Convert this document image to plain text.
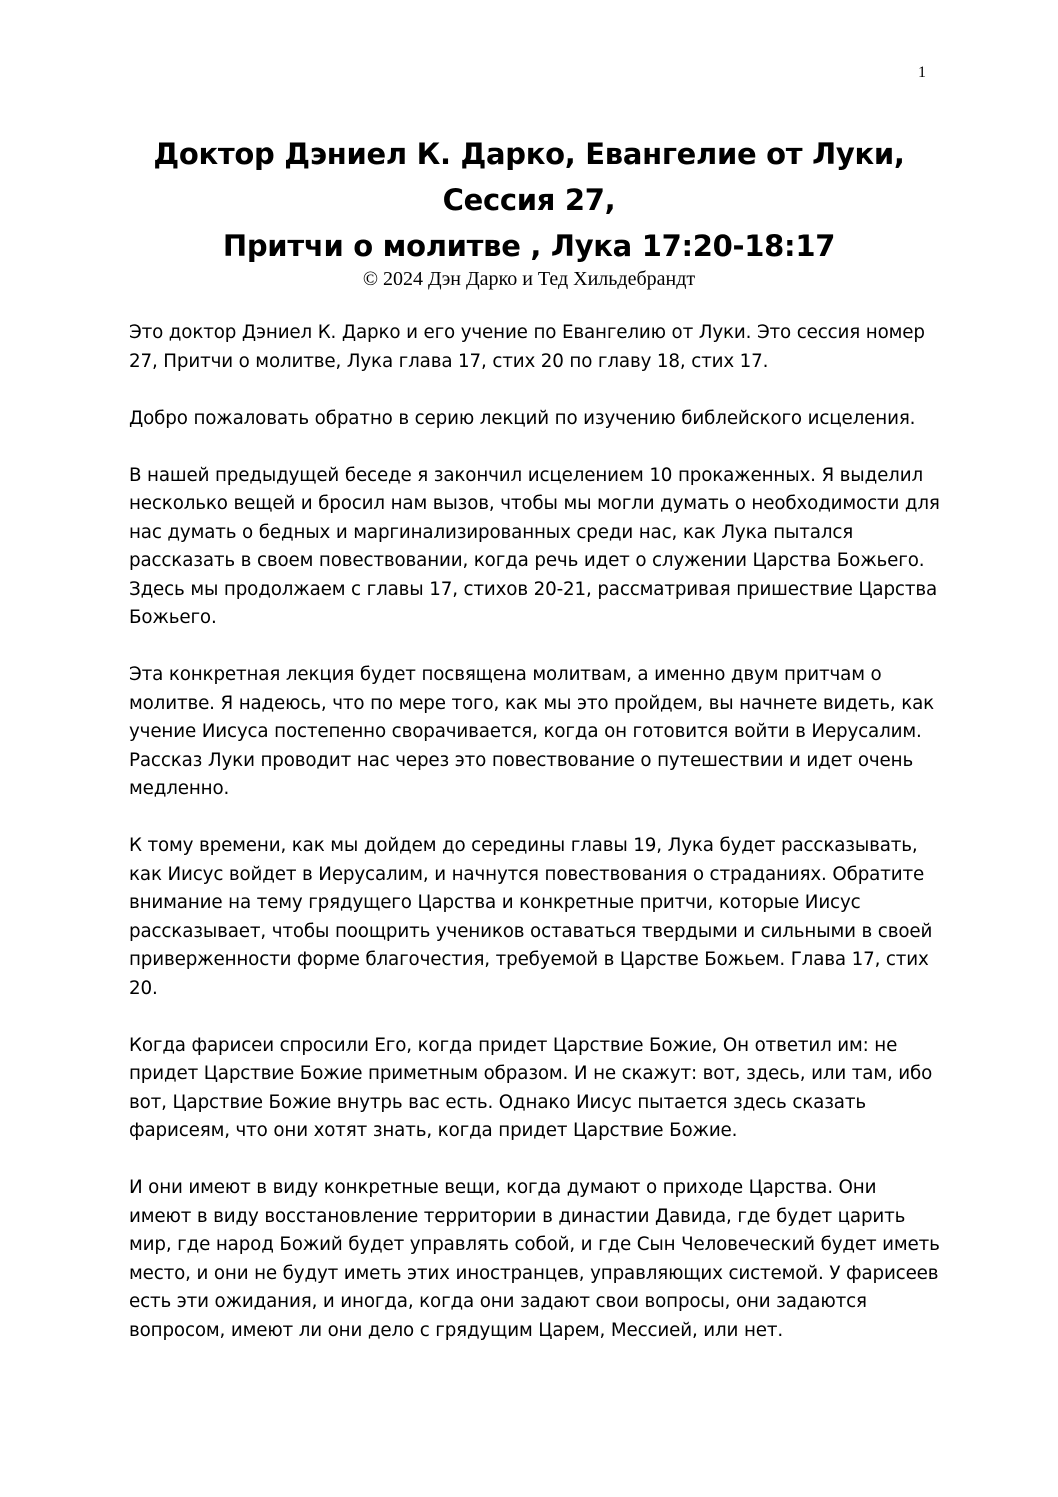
1
Доктор Дэниел К. Дарко, Евангелие от Луки,
Сессия 27,
Притчи о молитве , Лука 17:20-18:17
© 2024 Дэн Дарко и Тед Хильдебрандт

Это доктор Дэниел К. Дарко и его учение по Евангелию от Луки. Это сессия номер 27, Притчи о молитве, Лука глава 17, стих 20 по главу 18, стих 17.

Добро пожаловать обратно в серию лекций по изучению библейского исцеления.

В нашей предыдущей беседе я закончил исцелением 10 прокаженных. Я выделил несколько вещей и бросил нам вызов, чтобы мы могли думать о необходимости для нас думать о бедных и маргинализированных среди нас, как Лука пытался рассказать в своем повествовании, когда речь идет о служении Царства Божьего. Здесь мы продолжаем с главы 17, стихов 20-21, рассматривая пришествие Царства Божьего.

Эта конкретная лекция будет посвящена молитвам, а именно двум притчам о молитве. Я надеюсь, что по мере того, как мы это пройдем, вы начнете видеть, как учение Иисуса постепенно сворачивается, когда он готовится войти в Иерусалим. Рассказ Луки проводит нас через это повествование о путешествии и идет очень медленно.

К тому времени, как мы дойдем до середины главы 19, Лука будет рассказывать, как Иисус войдет в Иерусалим, и начнутся повествования о страданиях. Обратите внимание на тему грядущего Царства и конкретные притчи, которые Иисус рассказывает, чтобы поощрить учеников оставаться твердыми и сильными в своей приверженности форме благочестия, требуемой в Царстве Божьем. Глава 17, стих 20.

Когда фарисеи спросили Его, когда придет Царствие Божие, Он ответил им: не придет Царствие Божие приметным образом. И не скажут: вот, здесь, или там, ибо вот, Царствие Божие внутрь вас есть. Однако Иисус пытается здесь сказать фарисеям, что они хотят знать, когда придет Царствие Божие.

И они имеют в виду конкретные вещи, когда думают о приходе Царства. Они имеют в виду восстановление территории в династии Давида, где будет царить мир, где народ Божий будет управлять собой, и где Сын Человеческий будет иметь место, и они не будут иметь этих иностранцев, управляющих системой. У фарисеев есть эти ожидания, и иногда, когда они задают свои вопросы, они задаются вопросом, имеют ли они дело с грядущим Царем, Мессией, или нет.
